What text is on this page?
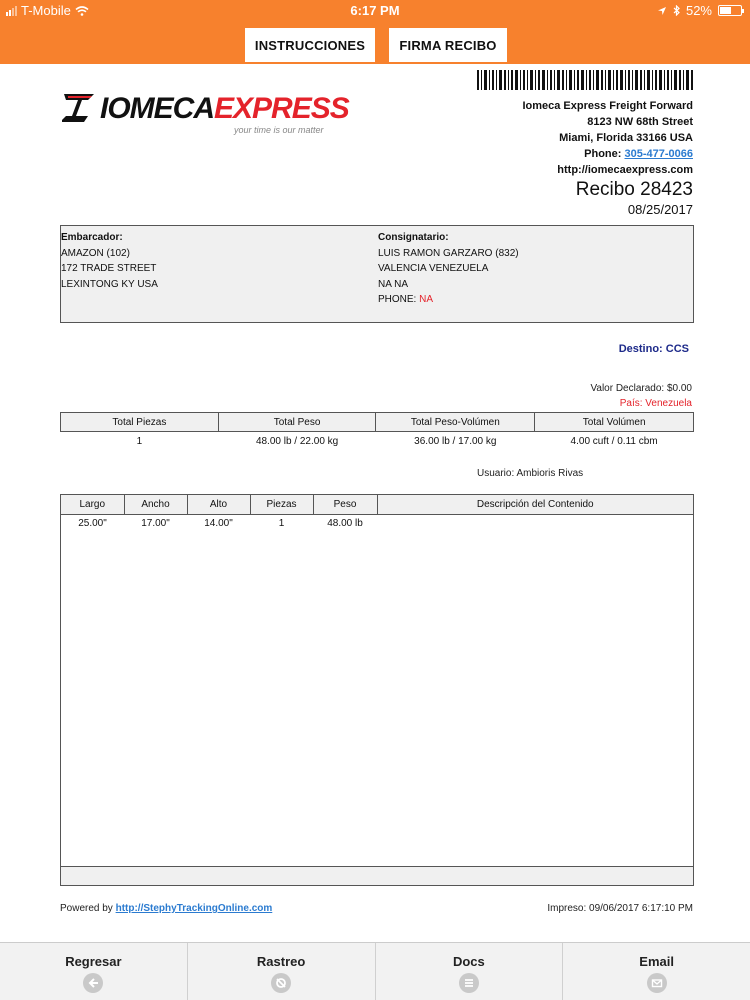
T-Mobile	6:17 PM	52%
INSTRUCCIONES	FIRMA RECIBO
IOMECAEXPRESS
your time is our matter
Iomeca Express Freight Forward
8123 NW 68th Street
Miami, Florida 33166 USA
Phone: 305-477-0066
http://iomecaexpress.com
Recibo 28423
08/25/2017
Embarcador:
AMAZON (102)
172 TRADE STREET
LEXINTONG KY USA
Consignatario:
LUIS RAMON GARZARO (832)
VALENCIA VENEZUELA
NA NA
PHONE: NA
Destino: CCS
Valor Declarado: $0.00
País: Venezuela
Total Piezas	Total Peso	Total Peso-Volúmen	Total Volúmen
1	48.00 lb / 22.00 kg	36.00 lb / 17.00 kg	4.00 cuft / 0.11 cbm
Usuario: Ambioris Rivas
Largo	Ancho	Alto	Piezas	Peso	Descripción del Contenido
25.00"	17.00"	14.00"	1	48.00 lb	
Powered by http://StephyTrackingOnline.com	Impreso: 09/06/2017 6:17:10 PM
Regresar	Rastreo	Docs	Email
